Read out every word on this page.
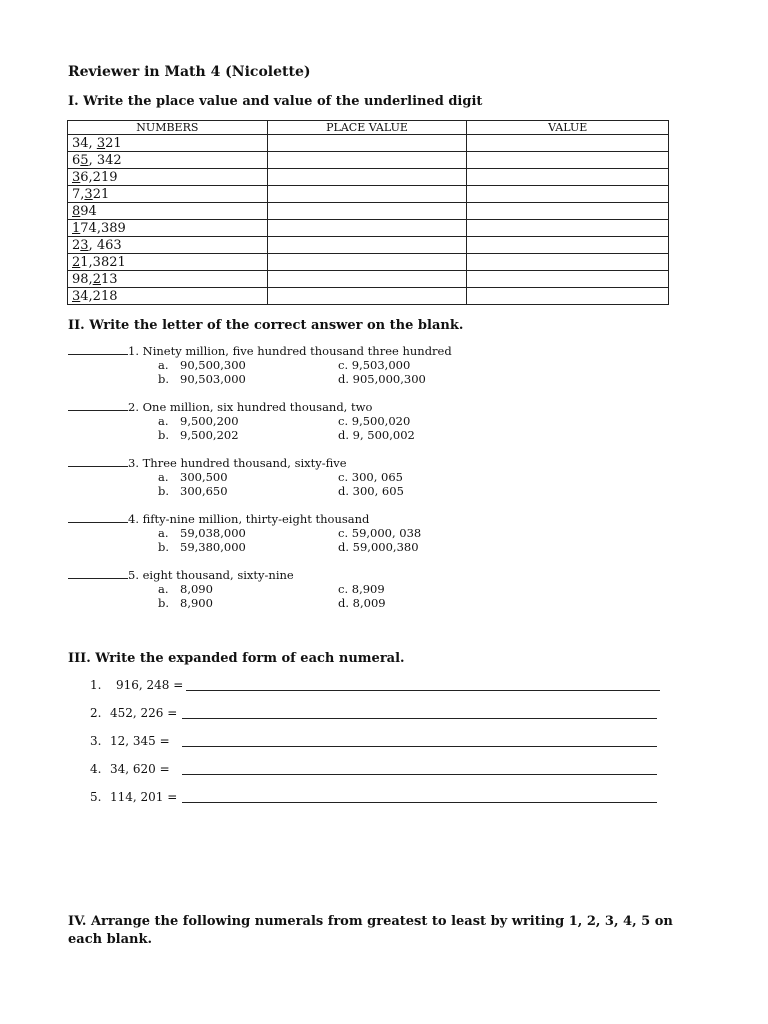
Reviewer in Math 4 (Nicolette)
I. Write the place value and value of the underlined digit
NUMBERS	PLACE VALUE	VALUE
34, 321		
65, 342		
36,219		
7,321		
894		
174,389		
23, 463		
21,3821		
98,213		
34,218		
II. Write the letter of the correct answer on the blank.
1. Ninety million, five hundred thousand three hundred
a. 90,500,300
b. 90,503,000
c. 9,503,000
d. 905,000,300
2. One million, six hundred thousand, two
a. 9,500,200
b. 9,500,202
c. 9,500,020
d. 9, 500,002
3. Three hundred thousand, sixty-five
a. 300,500
b. 300,650
c. 300, 065
d. 300, 605
4. fifty-nine million, thirty-eight thousand
a. 59,038,000
b. 59,380,000
c. 59,000, 038
d. 59,000,380
5. eight thousand, sixty-nine
a. 8,090
b. 8,900
c. 8,909
d. 8,009
III. Write the expanded form of each numeral.
1. 916, 248 =
2. 452, 226 =
3. 12, 345 =
4. 34, 620 =
5. 114, 201 =
IV. Arrange the following numerals from greatest to least by writing 1, 2, 3, 4, 5 on each blank.
